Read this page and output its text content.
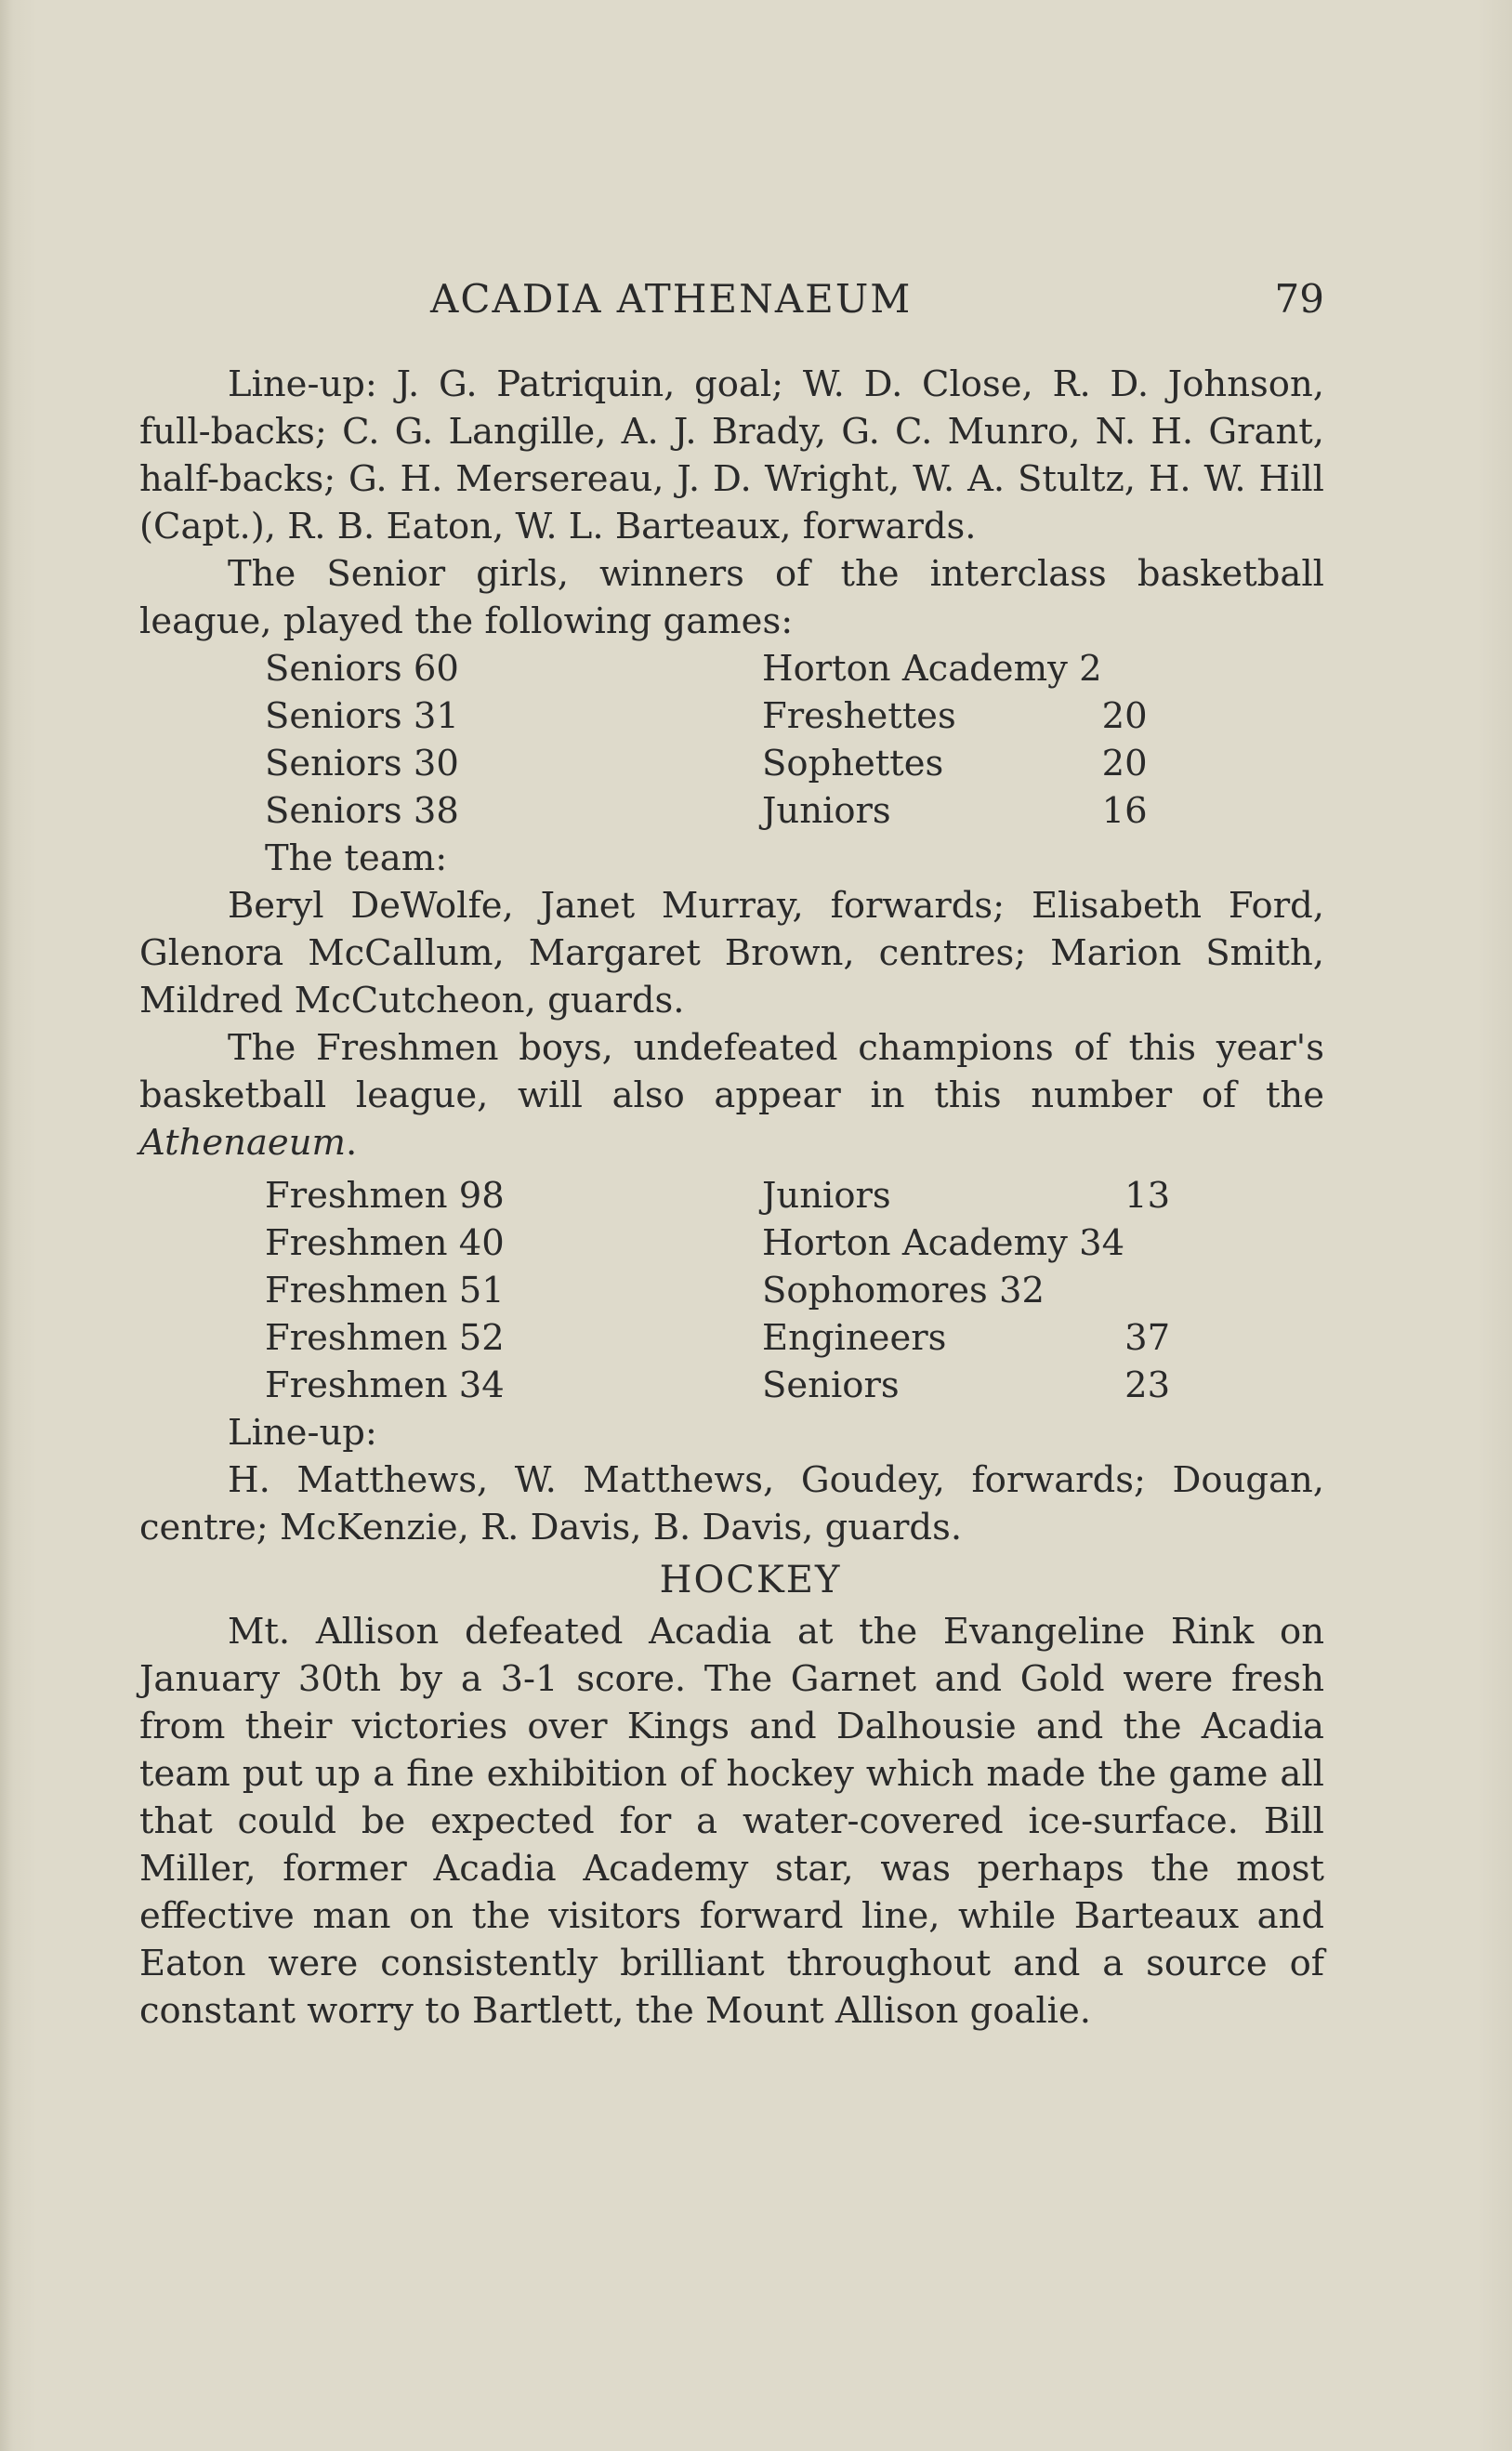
ACADIA ATHENAEUM	79

Line-up: J. G. Patriquin, goal; W. D. Close, R. D. Johnson, full-backs; C. G. Langille, A. J. Brady, G. C. Munro, N. H. Grant, half-backs; G. H. Mersereau, J. D. Wright, W. A. Stultz, H. W. Hill (Capt.), R. B. Eaton, W. L. Barteaux, forwards.

The Senior girls, winners of the interclass basketball league, played the following games:

Seniors 60	Horton Academy 2	
Seniors 31	Freshettes	20
Seniors 30	Sophettes	20
Seniors 38	Juniors	16
The team:

Beryl DeWolfe, Janet Murray, forwards; Elisabeth Ford, Glenora McCallum, Margaret Brown, centres; Marion Smith, Mildred McCutcheon, guards.

The Freshmen boys, undefeated champions of this year's basketball league, will also appear in this number of the Athenaeum.

Freshmen 98	Juniors	13
Freshmen 40	Horton Academy 34	
Freshmen 51	Sophomores 32	
Freshmen 52	Engineers	37
Freshmen 34	Seniors	23
Line-up:

H. Matthews, W. Matthews, Goudey, forwards; Dougan, centre; McKenzie, R. Davis, B. Davis, guards.

HOCKEY

Mt. Allison defeated Acadia at the Evangeline Rink on January 30th by a 3-1 score. The Garnet and Gold were fresh from their victories over Kings and Dalhousie and the Acadia team put up a fine exhibition of hockey which made the game all that could be expected for a water-covered ice-surface. Bill Miller, former Acadia Academy star, was perhaps the most effective man on the visitors forward line, while Barteaux and Eaton were consistently brilliant throughout and a source of constant worry to Bartlett, the Mount Allison goalie.
